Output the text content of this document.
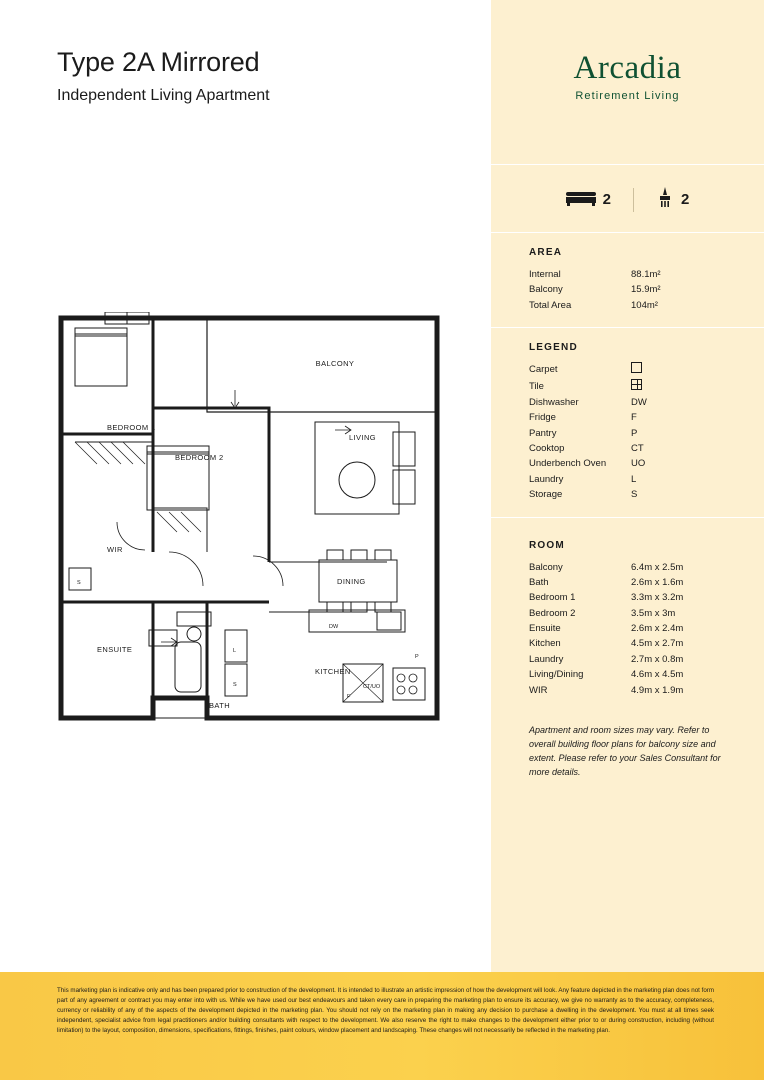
Type 2A Mirrored
Independent Living Apartment
BALCONY
BEDROOM 1
BEDROOM 2
LIVING
DINING
KITCHEN
WIR
ENSUITE
BATH
DW
CT/UO
P
F
L
S
S
Arcadia
Retirement Living
2	2
AREA
Internal	88.1m²
Balcony	15.9m²
Total Area	104m²
LEGEND
Carpet
Tile
Dishwasher	DW
Fridge	F
Pantry	P
Cooktop	CT
Underbench Oven	UO
Laundry	L
Storage	S
ROOM
Balcony	6.4m x 2.5m
Bath	2.6m x 1.6m
Bedroom 1	3.3m x 3.2m
Bedroom 2	3.5m x 3m
Ensuite	2.6m x 2.4m
Kitchen	4.5m x 2.7m
Laundry	2.7m x 0.8m
Living/Dining	4.6m x 4.5m
WIR	4.9m x 1.9m
Apartment and room sizes may vary. Refer to overall building floor plans for balcony size and extent. Please refer to your Sales Consultant for more details.
This marketing plan is indicative only and has been prepared prior to construction of the development. It is intended to illustrate an artistic impression of how the development will look. Any feature depicted in the marketing plan does not form part of any agreement or contract you may enter into with us. While we have used our best endeavours and taken every care in preparing the marketing plan to ensure its accuracy, we give no warranty as to the accuracy, completeness, currency or reliability of any of the aspects of the development depicted in the marketing plan. You should not rely on the marketing plan in making any decision to purchase a dwelling in the development. You must at all times seek independent, specialist advice from legal practitioners and/or building consultants with respect to the development. We also reserve the right to make changes to the development either prior to or during construction, including (without limitation) to the layout, composition, dimensions, specifications, fittings, finishes, paint colours, window placement and landscaping. These changes will not necessarily be reflected in the marketing plan.
